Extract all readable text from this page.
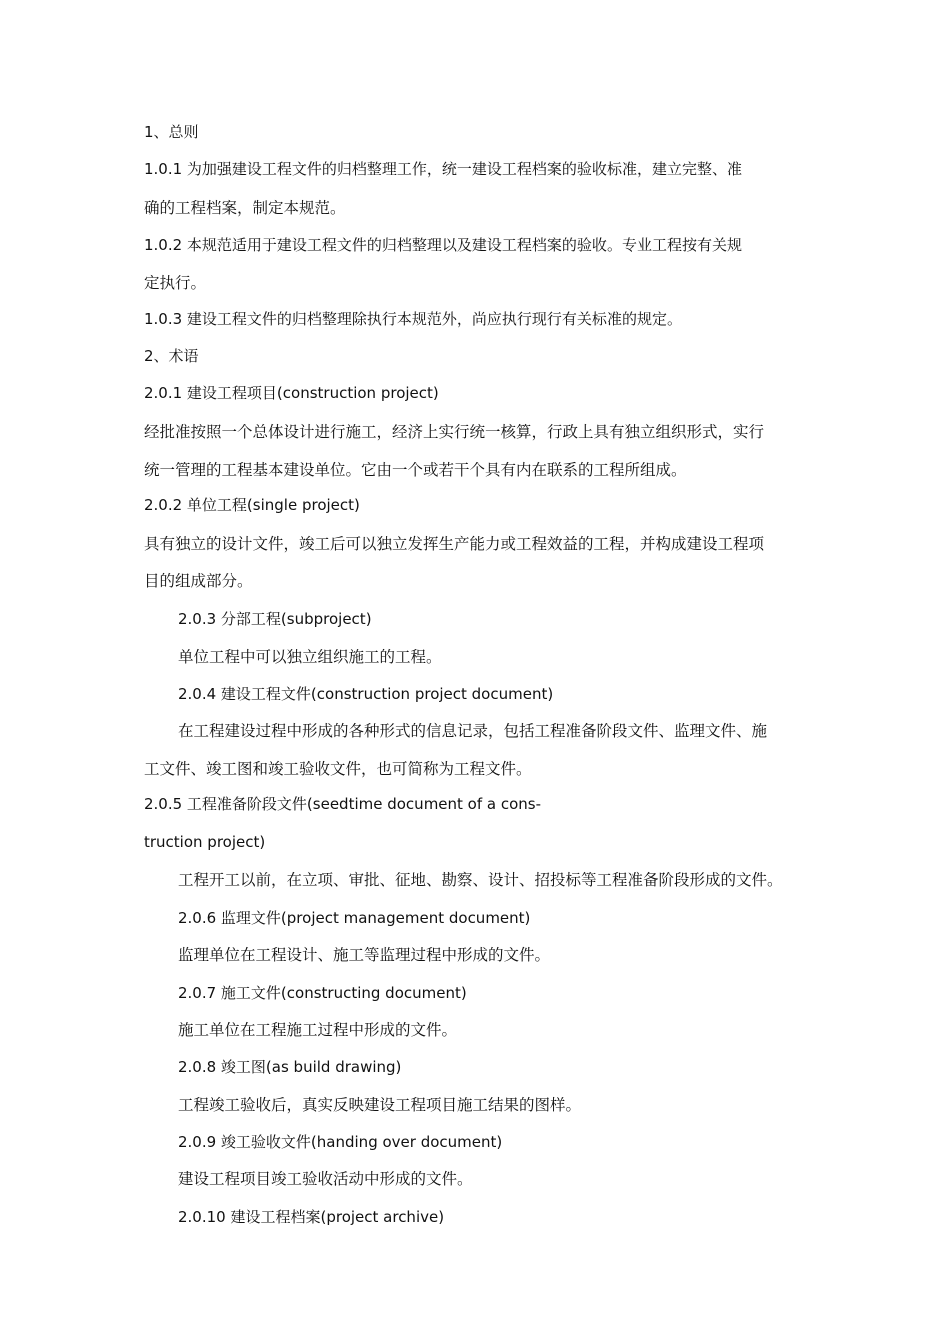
1、总则
1.0.1 为加强建设工程文件的归档整理工作，统一建设工程档案的验收标准，建立完整、准
确的工程档案，制定本规范。
1.0.2 本规范适用于建设工程文件的归档整理以及建设工程档案的验收。专业工程按有关规
定执行。
1.0.3 建设工程文件的归档整理除执行本规范外，尚应执行现行有关标准的规定。
2、术语
2.0.1 建设工程项目(construction project)
经批准按照一个总体设计进行施工，经济上实行统一核算，行政上具有独立组织形式，实行
统一管理的工程基本建设单位。它由一个或若干个具有内在联系的工程所组成。
2.0.2 单位工程(single project)
具有独立的设计文件，竣工后可以独立发挥生产能力或工程效益的工程，并构成建设工程项
目的组成部分。
2.0.3 分部工程(subproject)
单位工程中可以独立组织施工的工程。
2.0.4 建设工程文件(construction project document)
在工程建设过程中形成的各种形式的信息记录，包括工程准备阶段文件、监理文件、施
工文件、竣工图和竣工验收文件，也可简称为工程文件。
2.0.5 工程准备阶段文件(seedtime document of a cons-
truction project)
工程开工以前，在立项、审批、征地、勘察、设计、招投标等工程准备阶段形成的文件。
2.0.6 监理文件(project management document)
监理单位在工程设计、施工等监理过程中形成的文件。
2.0.7 施工文件(constructing document)
施工单位在工程施工过程中形成的文件。
2.0.8 竣工图(as build drawing)
工程竣工验收后，真实反映建设工程项目施工结果的图样。
2.0.9 竣工验收文件(handing over document)
建设工程项目竣工验收活动中形成的文件。
2.0.10 建设工程档案(project archive)
